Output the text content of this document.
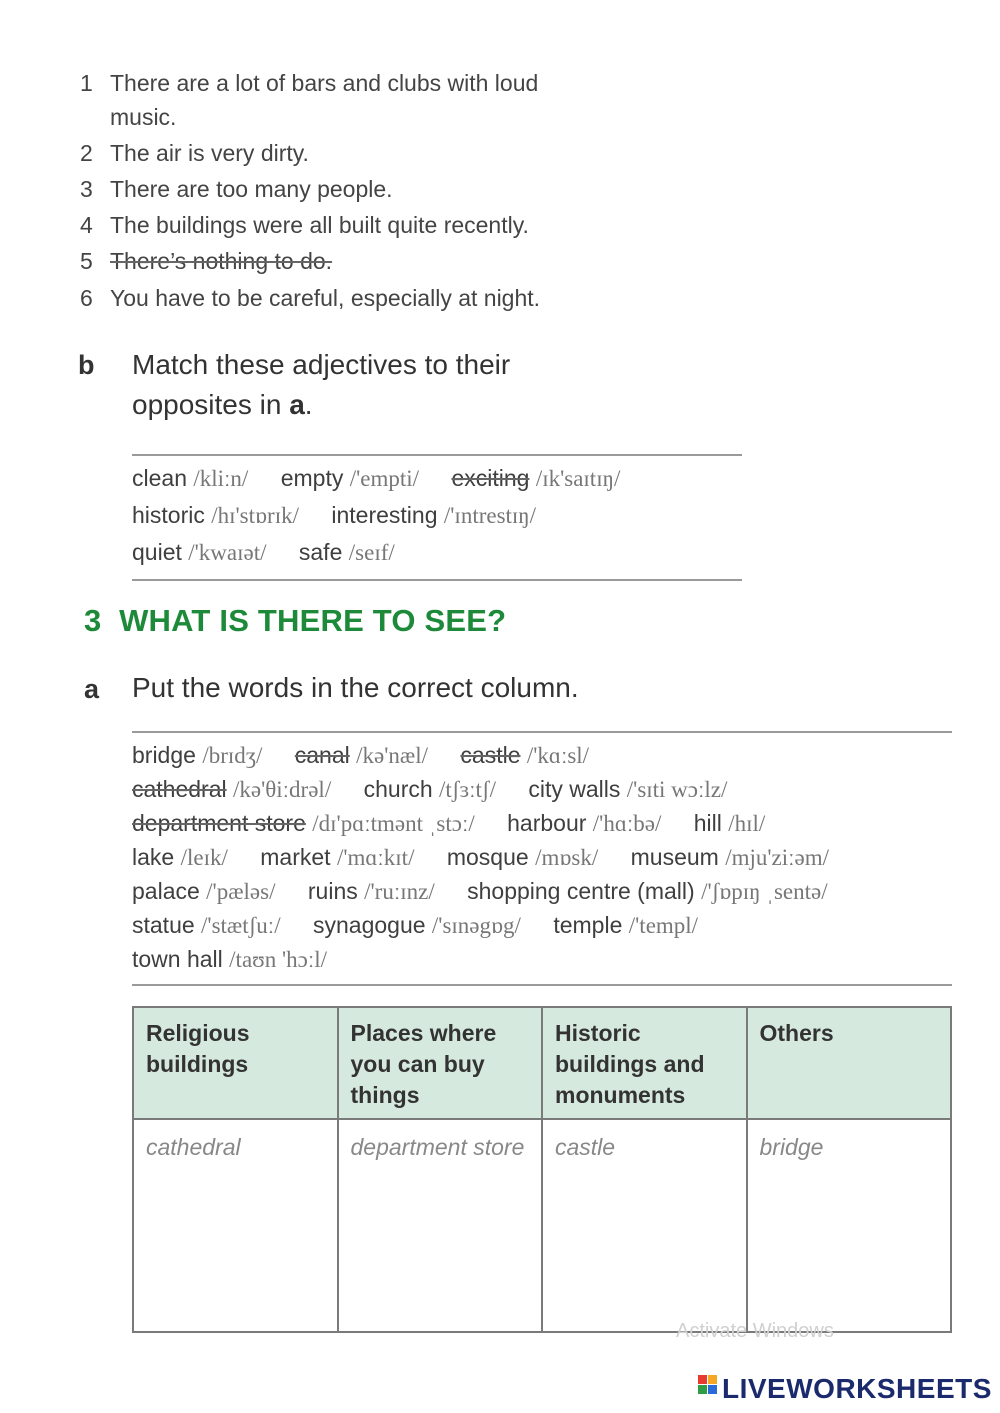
1 There are a lot of bars and clubs with loud
music.
2 The air is very dirty.
3 There are too many people.
4 The buildings were all built quite recently.
5 There’s nothing to do.
6 You have to be careful, especially at night.
b Match these adjectives to their
opposites in a.
clean /kliːn/ empty /'empti/ exciting /ɪk'saɪtɪŋ/
historic /hɪ'stɒrɪk/ interesting /'ɪntrestɪŋ/
quiet /'kwaɪət/ safe /seɪf/
3 WHAT IS THERE TO SEE?
a Put the words in the correct column.
bridge /brɪdʒ/ canal /kə'næl/ castle /'kɑːsl/
cathedral /kə'θiːdrəl/ church /tʃɜːtʃ/ city walls /'sɪti wɔːlz/
department store /dɪ'pɑːtmənt ˌstɔː/ harbour /'hɑːbə/ hill /hɪl/
lake /leɪk/ market /'mɑːkɪt/ mosque /mɒsk/ museum /mju'ziːəm/
palace /'pæləs/ ruins /'ruːɪnz/ shopping centre (mall) /'ʃɒpɪŋ ˌsentə/
statue /'stætʃuː/ synagogue /'sɪnəgɒg/ temple /'templ/
town hall /taʊn 'hɔːl/
Religious buildings	Places where you can buy things	Historic buildings and monuments	Others
cathedral	department store	castle	bridge
Activate Windows
LIVEWORKSHEETS
